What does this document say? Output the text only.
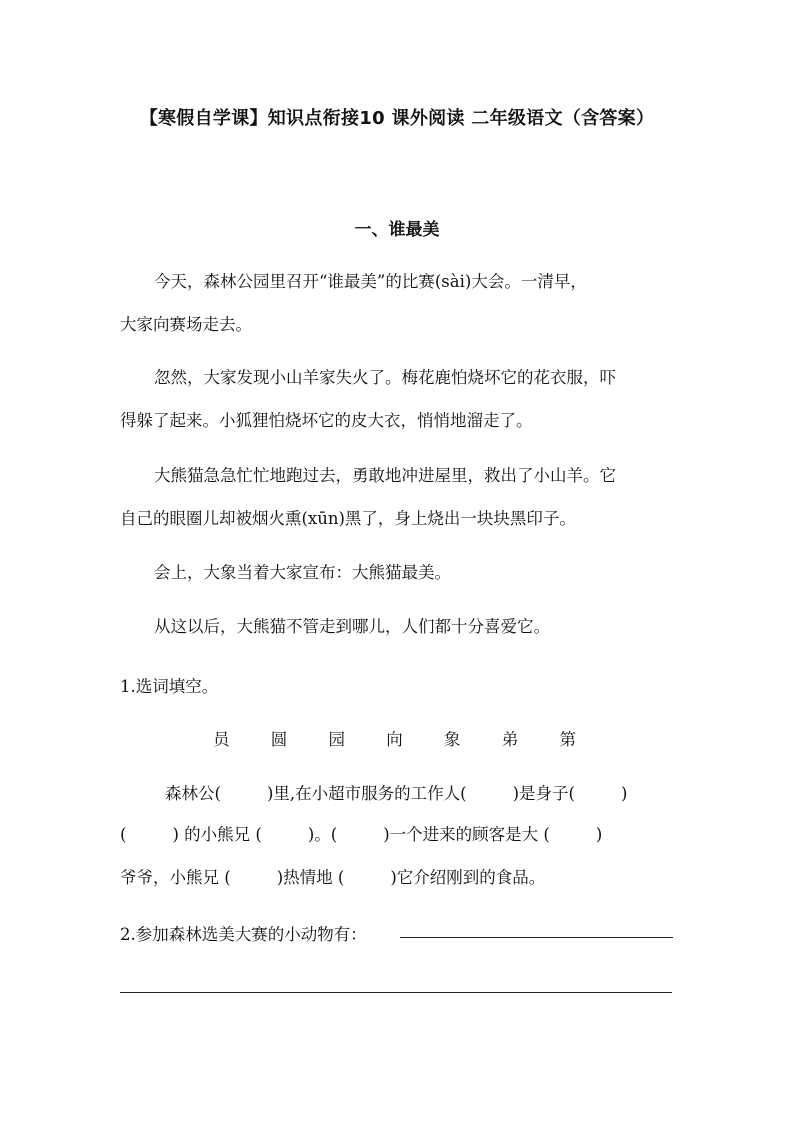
【寒假自学课】知识点衔接10 课外阅读 二年级语文（含答案）
一、谁最美
今天，森林公园里召开“谁最美”的比赛(sài)大会。一清早，
大家向赛场走去。
忽然，大家发现小山羊家失火了。梅花鹿怕烧坏它的花衣服，吓
得躲了起来。小狐狸怕烧坏它的皮大衣，悄悄地溜走了。
大熊猫急急忙忙地跑过去，勇敢地冲进屋里，救出了小山羊。它
自己的眼圈儿却被烟火熏(xūn)黑了，身上烧出一块块黑印子。
会上，大象当着大家宣布：大熊猫最美。
从这以后，大熊猫不管走到哪儿，人们都十分喜爱它。
1.选词填空。
员	圆	园	向	象	弟	第
森林公(	)里,在小超市服务的工作人(	)是身子(	)
(	) 的小熊兄 (	)。(	)一个进来的顾客是大 (	)
爷爷，小熊兄 (	)热情地 (	)它介绍刚到的食品。
2.参加森林选美大赛的小动物有：
